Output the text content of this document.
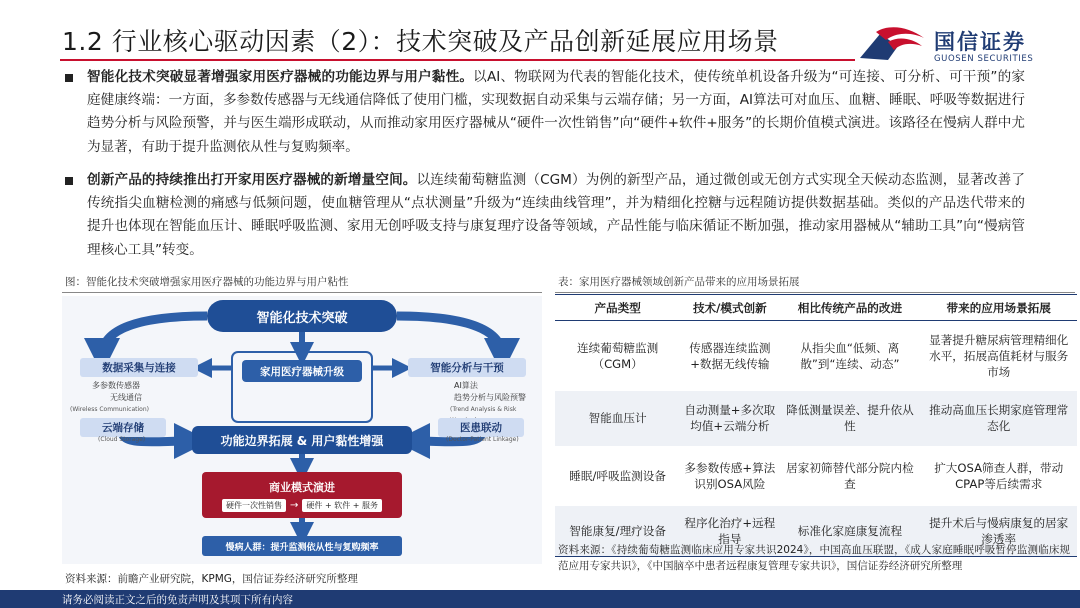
1.2 行业核心驱动因素（2）：技术突破及产品创新延展应用场景	国信证券
GUOSEN SECURITIES
智能化技术突破显著增强家用医疗器械的功能边界与用户黏性。以AI、物联网为代表的智能化技术，使传统单机设备升级为“可连接、可分析、可干预”的家庭健康终端：一方面，多参数传感器与无线通信降低了使用门槛，实现数据自动采集与云端存储；另一方面，AI算法可对血压、血糖、睡眠、呼吸等数据进行趋势分析与风险预警，并与医生端形成联动，从而推动家用医疗器械从“硬件一次性销售”向“硬件+软件+服务”的长期价值模式演进。该路径在慢病人群中尤为显著，有助于提升监测依从性与复购频率。
创新产品的持续推出打开家用医疗器械的新增量空间。以连续葡萄糖监测（CGM）为例的新型产品，通过微创或无创方式实现全天候动态监测，显著改善了传统指尖血糖检测的痛感与低频问题，使血糖管理从“点状测量”升级为“连续曲线管理”，并为精细化控糖与远程随访提供数据基础。类似的产品迭代带来的提升也体现在智能血压计、睡眠呼吸监测、家用无创呼吸支持与康复理疗设备等领域，产品性能与临床循证不断加强，推动家用器械从“辅助工具”向“慢病管理核心工具”转变。
图：智能化技术突破增强家用医疗器械的功能边界与用户粘性	表：家用医疗器械领域创新产品带来的应用场景拓展
智能化技术突破
家用医疗器械升级
数据采集与连接
多参数传感器
无线通信
(Wireless Communication)
云端存储
(Cloud Storage)
智能分析与干预
AI算法
趋势分析与风险预警
(Trend Analysis & Risk
医患联动
(Doctor-Patient Linkage)
功能边界拓展 & 用户黏性增强
商业模式演进
硬件一次性销售 →	硬件 + 软件 + 服务
慢病人群：提升监测依从性与复购频率
产品类型	技术/模式创新	相比传统产品的改进	带来的应用场景拓展
连续葡萄糖监测（CGM）	传感器连续监测+数据无线传输	从指尖血“低频、离散”到“连续、动态”	显著提升糖尿病管理精细化水平，拓展高值耗材与服务市场
智能血压计	自动测量+多次取均值+云端分析	降低测量误差、提升依从性	推动高血压长期家庭管理常态化
睡眠/呼吸监测设备	多参数传感+算法识别OSA风险	居家初筛替代部分院内检查	扩大OSA筛查人群，带动CPAP等后续需求
智能康复/理疗设备	程序化治疗+远程指导	标准化家庭康复流程	提升术后与慢病康复的居家渗透率
资料来源：《持续葡萄糖监测临床应用专家共识2024》，中国高血压联盟，《成人家庭睡眠呼吸暂停监测临床规范应用专家共识》，《中国脑卒中患者远程康复管理专家共识》，国信证券经济研究所整理
资料来源：前瞻产业研究院，KPMG，国信证券经济研究所整理
请务必阅读正文之后的免责声明及其项下所有内容
